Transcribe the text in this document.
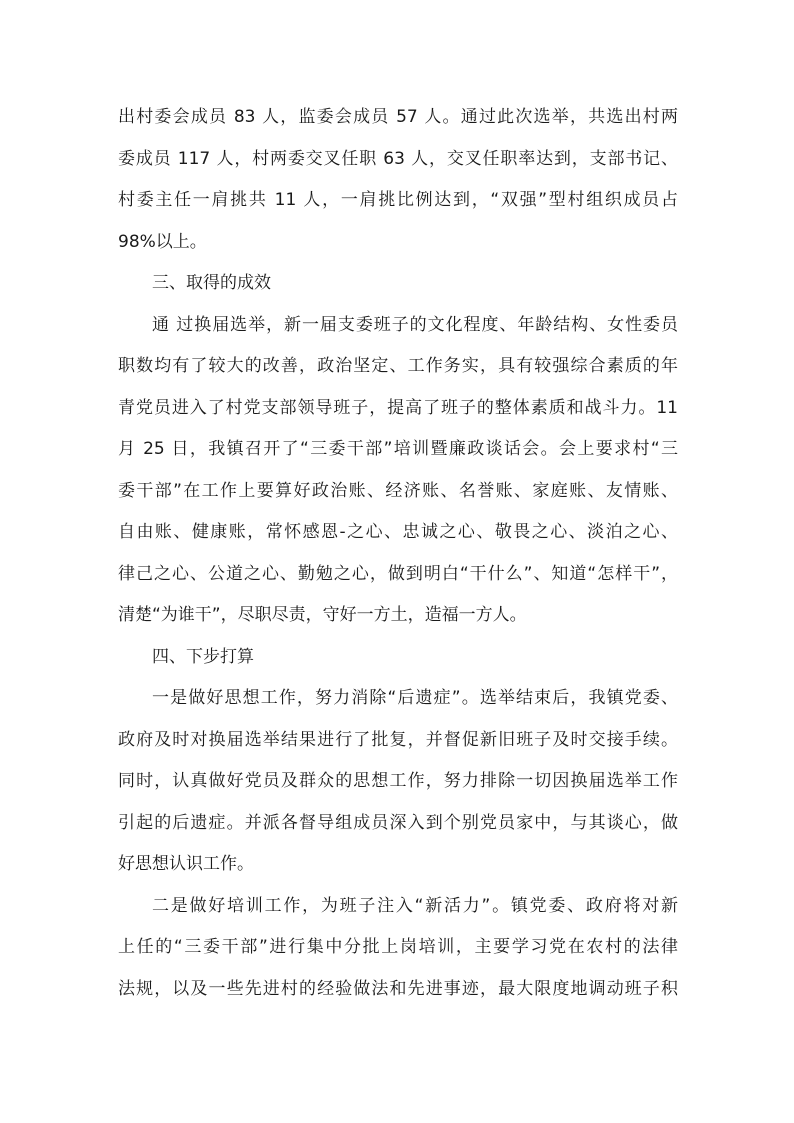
出村委会成员 83 人，监委会成员 57 人。通过此次选举，共选出村两
委成员 117 人，村两委交叉任职 63 人，交叉任职率达到，支部书记、
村委主任一肩挑共 11 人，一肩挑比例达到，“双强”型村组织成员占
98%以上。
三、取得的成效
通 过换届选举，新一届支委班子的文化程度、年龄结构、女性委员
职数均有了较大的改善，政治坚定、工作务实，具有较强综合素质的年
青党员进入了村党支部领导班子，提高了班子的整体素质和战斗力。11
月 25 日，我镇召开了“三委干部”培训暨廉政谈话会。会上要求村“三
委干部”在工作上要算好政治账、经济账、名誉账、家庭账、友情账、
自由账、健康账，常怀感恩-之心、忠诚之心、敬畏之心、淡泊之心、
律己之心、公道之心、勤勉之心，做到明白“干什么”、知道“怎样干”，
清楚“为谁干”，尽职尽责，守好一方土，造福一方人。
四、下步打算
一是做好思想工作，努力消除“后遗症”。选举结束后，我镇党委、
政府及时对换届选举结果进行了批复，并督促新旧班子及时交接手续。
同时，认真做好党员及群众的思想工作，努力排除一切因换届选举工作
引起的后遗症。并派各督导组成员深入到个别党员家中，与其谈心，做
好思想认识工作。
二是做好培训工作，为班子注入“新活力”。镇党委、政府将对新
上任的“三委干部”进行集中分批上岗培训，主要学习党在农村的法律
法规，以及一些先进村的经验做法和先进事迹，最大限度地调动班子积
